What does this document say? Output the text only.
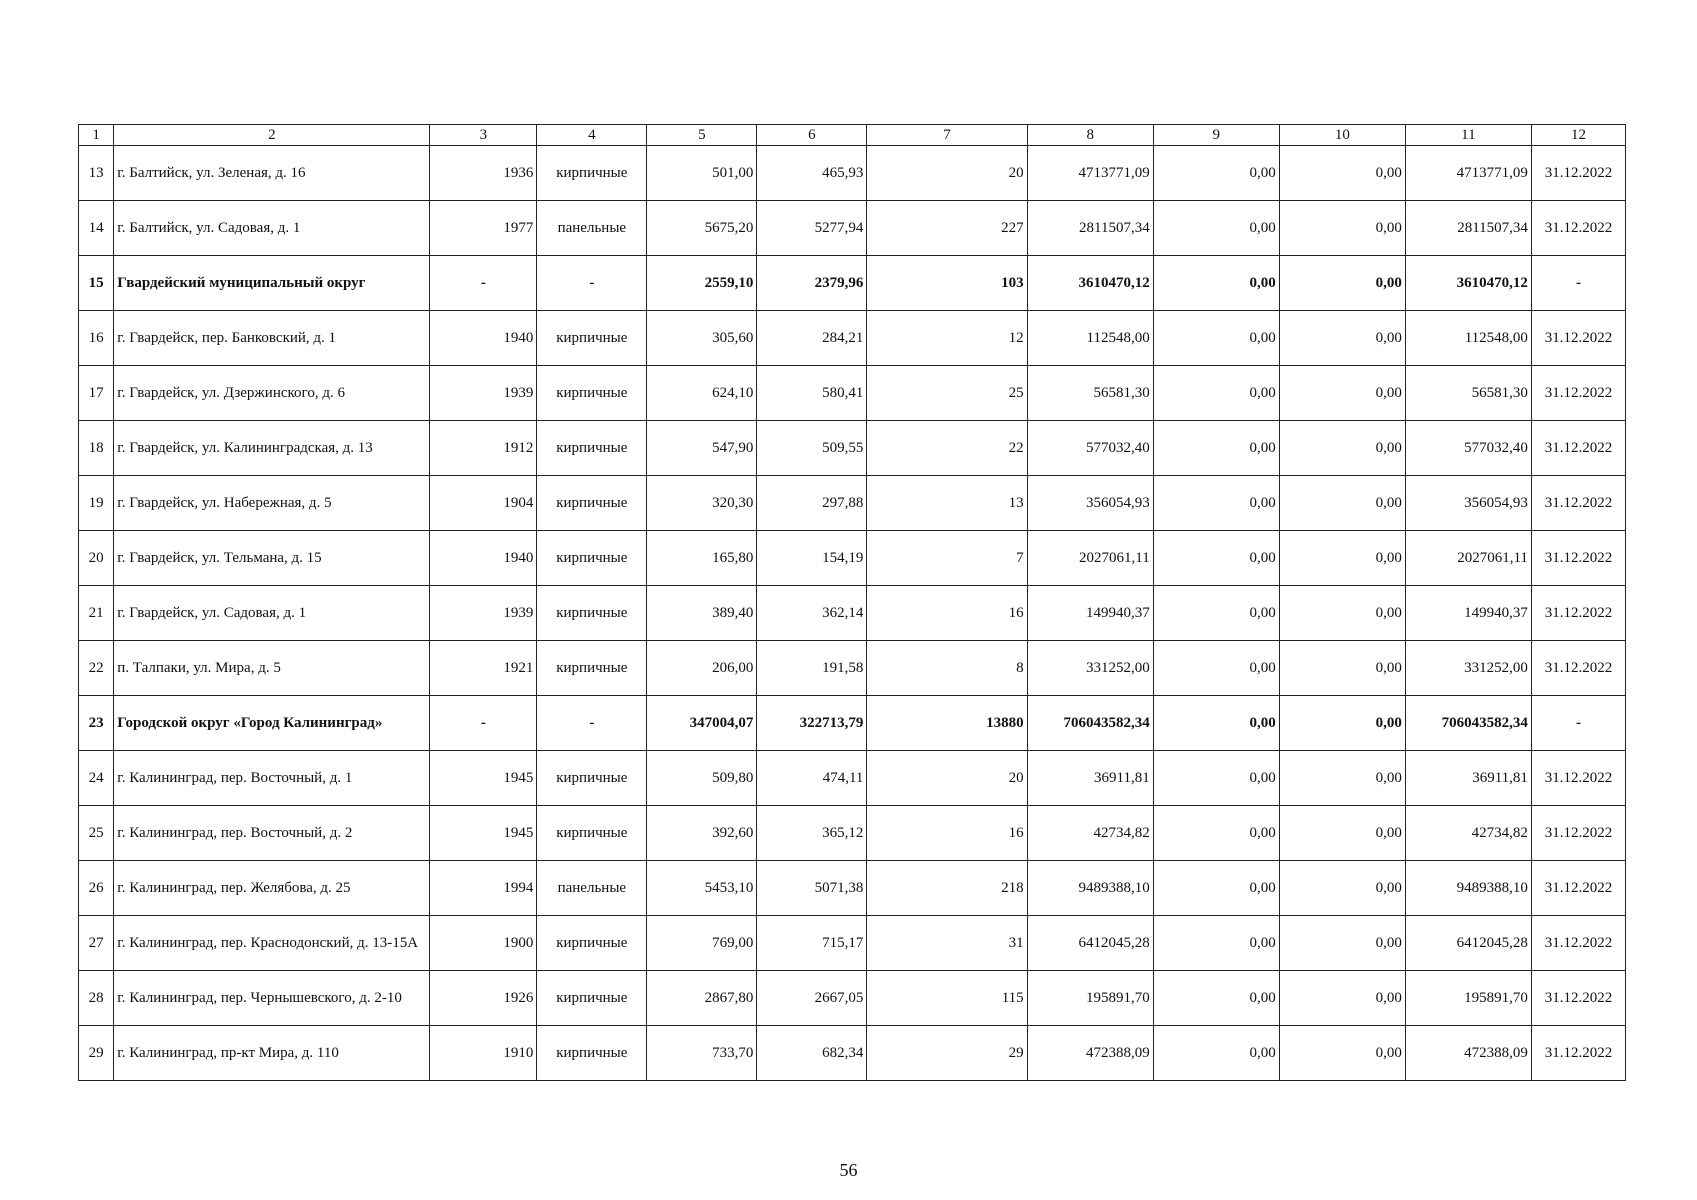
1	2	3	4	5	6	7	8	9	10	11	12
13	г. Балтийск, ул. Зеленая, д. 16	1936	кирпичные	501,00	465,93	20	4713771,09	0,00	0,00	4713771,09	31.12.2022
14	г. Балтийск, ул. Садовая, д. 1	1977	панельные	5675,20	5277,94	227	2811507,34	0,00	0,00	2811507,34	31.12.2022
15	Гвардейский муниципальный округ	-	-	2559,10	2379,96	103	3610470,12	0,00	0,00	3610470,12	-
16	г. Гвардейск, пер. Банковский, д. 1	1940	кирпичные	305,60	284,21	12	112548,00	0,00	0,00	112548,00	31.12.2022
17	г. Гвардейск, ул. Дзержинского, д. 6	1939	кирпичные	624,10	580,41	25	56581,30	0,00	0,00	56581,30	31.12.2022
18	г. Гвардейск, ул. Калининградская, д. 13	1912	кирпичные	547,90	509,55	22	577032,40	0,00	0,00	577032,40	31.12.2022
19	г. Гвардейск, ул. Набережная, д. 5	1904	кирпичные	320,30	297,88	13	356054,93	0,00	0,00	356054,93	31.12.2022
20	г. Гвардейск, ул. Тельмана, д. 15	1940	кирпичные	165,80	154,19	7	2027061,11	0,00	0,00	2027061,11	31.12.2022
21	г. Гвардейск, ул. Садовая, д. 1	1939	кирпичные	389,40	362,14	16	149940,37	0,00	0,00	149940,37	31.12.2022
22	п. Талпаки, ул. Мира, д. 5	1921	кирпичные	206,00	191,58	8	331252,00	0,00	0,00	331252,00	31.12.2022
23	Городской округ «Город Калининград»	-	-	347004,07	322713,79	13880	706043582,34	0,00	0,00	706043582,34	-
24	г. Калининград, пер. Восточный, д. 1	1945	кирпичные	509,80	474,11	20	36911,81	0,00	0,00	36911,81	31.12.2022
25	г. Калининград, пер. Восточный, д. 2	1945	кирпичные	392,60	365,12	16	42734,82	0,00	0,00	42734,82	31.12.2022
26	г. Калининград, пер. Желябова, д. 25	1994	панельные	5453,10	5071,38	218	9489388,10	0,00	0,00	9489388,10	31.12.2022
27	г. Калининград, пер. Краснодонский, д. 13-15А	1900	кирпичные	769,00	715,17	31	6412045,28	0,00	0,00	6412045,28	31.12.2022
28	г. Калининград, пер. Чернышевского, д. 2-10	1926	кирпичные	2867,80	2667,05	115	195891,70	0,00	0,00	195891,70	31.12.2022
29	г. Калининград, пр-кт Мира, д. 110	1910	кирпичные	733,70	682,34	29	472388,09	0,00	0,00	472388,09	31.12.2022
56
